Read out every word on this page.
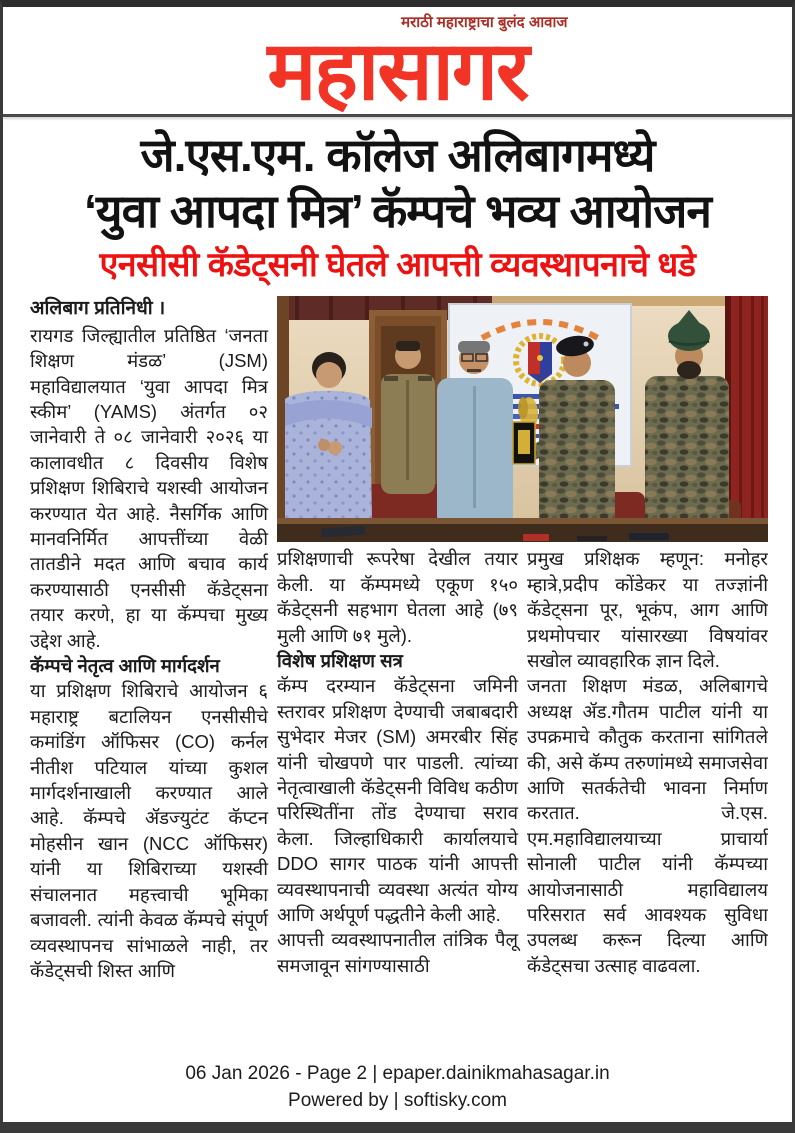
मराठी महाराष्ट्राचा बुलंद आवाज
महासागर
जे.एस.एम. कॉलेज अलिबागमध्ये
‘युवा आपदा मित्र’ कॅम्पचे भव्य आयोजन
एनसीसी कॅडेट्सनी घेतले आपत्ती व्यवस्थापनाचे धडे
अलिबाग प्रतिनिधी ।

रायगड जिल्ह्यातील प्रतिष्ठित ‘जनता शिक्षण मंडळ’ (JSM) महाविद्यालयात ‘युवा आपदा मित्र स्कीम’ (YAMS) अंतर्गत ०२ जानेवारी ते ०८ जानेवारी २०२६ या कालावधीत ८ दिवसीय विशेष प्रशिक्षण शिबिराचे यशस्वी आयोजन करण्यात येत आहे. नैसर्गिक आणि मानवनिर्मित आपत्तींच्या वेळी तातडीने मदत आणि बचाव कार्य करण्यासाठी एनसीसी कॅडेट्सना तयार करणे, हा या कॅम्पचा मुख्य उद्देश आहे.

कॅम्पचे नेतृत्व आणि मार्गदर्शन

या प्रशिक्षण शिबिराचे आयोजन ६ महाराष्ट्र बटालियन एनसीसीचे कमांडिंग ऑफिसर (CO) कर्नल नीतीश पटियाल यांच्या कुशल मार्गदर्शनाखाली करण्यात आले आहे. कॅम्पचे ॲडज्युटंट कॅप्टन मोहसीन खान (NCC ऑफिसर) यांनी या शिबिराच्या यशस्वी संचालनात महत्त्वाची भूमिका बजावली. त्यांनी केवळ कॅम्पचे संपूर्ण व्यवस्थापनच सांभाळले नाही, तर कॅडेट्सची शिस्त आणि

प्रशिक्षणाची रूपरेषा देखील तयार केली. या कॅम्पमध्ये एकूण १५० कॅडेट्सनी सहभाग घेतला आहे (७९ मुली आणि ७१ मुले).

विशेष प्रशिक्षण सत्र

कॅम्प दरम्यान कॅडेट्सना जमिनी स्तरावर प्रशिक्षण देण्याची जबाबदारी सुभेदार मेजर (SM) अमरबीर सिंह यांनी चोखपणे पार पाडली. त्यांच्या नेतृत्वाखाली कॅडेट्सनी विविध कठीण परिस्थितींना तोंड देण्याचा सराव केला. जिल्हाधिकारी कार्यालयाचे DDO सागर पाठक यांनी आपत्ती व्यवस्थापनाची व्यवस्था अत्यंत योग्य आणि अर्थपूर्ण पद्धतीने केली आहे.

आपत्ती व्यवस्थापनातील तांत्रिक पैलू समजावून सांगण्यासाठी

प्रमुख प्रशिक्षक म्हणून: मनोहर म्हात्रे,प्रदीप कोंडेकर या तज्ज्ञांनी कॅडेट्सना पूर, भूकंप, आग आणि प्रथमोपचार यांसारख्या विषयांवर सखोल व्यावहारिक ज्ञान दिले.

जनता शिक्षण मंडळ, अलिबागचे अध्यक्ष ॲड.गौतम पाटील यांनी या उपक्रमाचे कौतुक करताना सांगितले की, असे कॅम्प तरुणांमध्ये समाजसेवा आणि सतर्कतेची भावना निर्माण करतात. जे.एस. एम.महाविद्यालयाच्या प्राचार्या सोनाली पाटील यांनी कॅम्पच्या आयोजनासाठी महाविद्यालय परिसरात सर्व आवश्यक सुविधा उपलब्ध करून दिल्या आणि कॅडेट्सचा उत्साह वाढवला.

06 Jan 2026 - Page 2 | epaper.dainikmahasagar.in
Powered by | softisky.com
